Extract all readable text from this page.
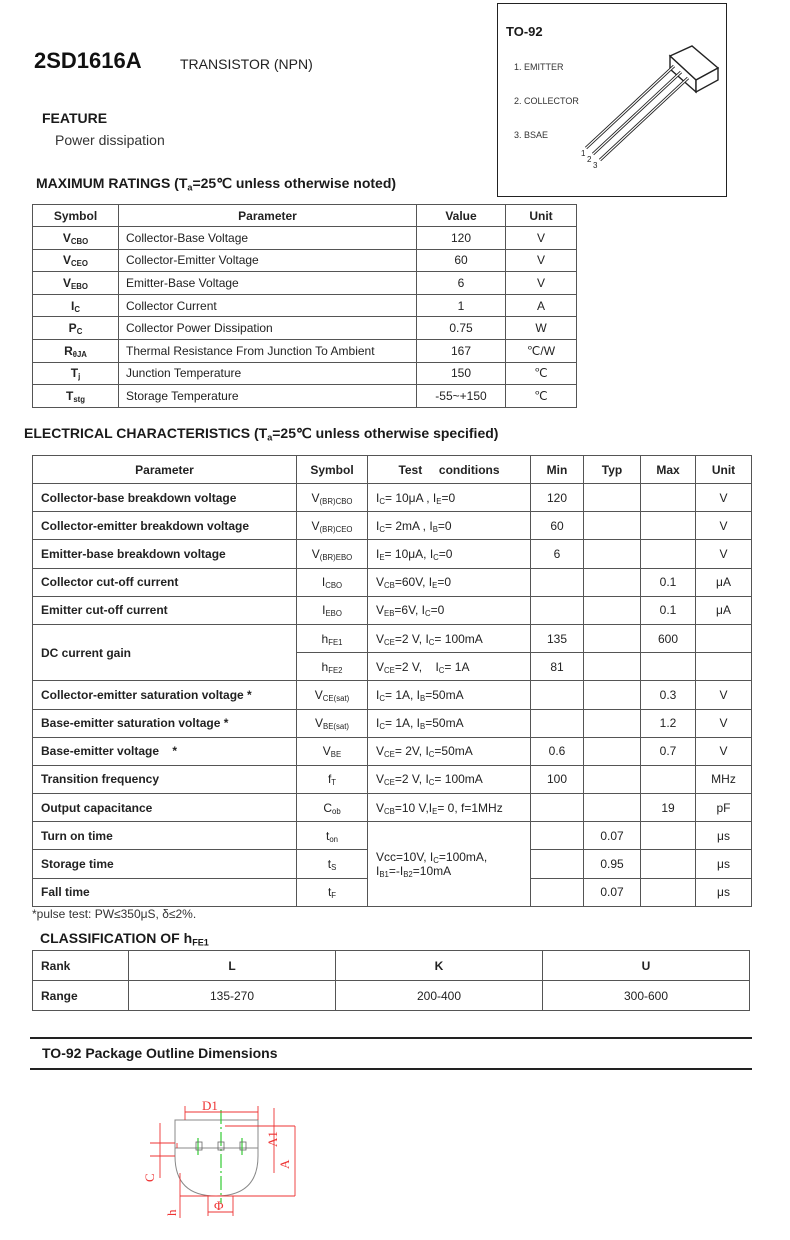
2SD1616A	TRANSISTOR (NPN)
TO-92
1. EMITTER
2. COLLECTOR
3. BSAE
1
2
3
FEATURE
Power dissipation
MAXIMUM RATINGS ($T_a=25℃$ unless otherwise noted)
Symbol	Parameter	Value	Unit
$V_{CBO}$	Collector-Base Voltage	120	V
$V_{CEO}$	Collector-Emitter Voltage	60	V
$V_{EBO}$	Emitter-Base Voltage	6	V
$I_C$	Collector Current	1	A
$P_C$	Collector Power Dissipation	0.75	W
$R_{\theta JA}$	Thermal Resistance From Junction To Ambient	167	℃/W
$T_j$	Junction Temperature	150	℃
$T_{stg}$	Storage Temperature	-55~+150	℃
ELECTRICAL CHARACTERISTICS ($T_a=25℃$ unless otherwise specified)
Parameter	Symbol	Test     conditions	Min	Typ	Max	Unit
Collector-base breakdown voltage	$V_{(BR)CBO}$	$I_C= 10\mu A$ , $I_E=0$	120			V
Collector-emitter breakdown voltage	$V_{(BR)CEO}$	$I_C= 2mA$ , $I_B=0$	60			V
Emitter-base breakdown voltage	$V_{(BR)EBO}$	$I_E= 10\mu A$, $I_C=0$	6			V
Collector cut-off current	$I_{CBO}$	$V_{CB}=60V$, $I_E=0$			0.1	μA
Emitter cut-off current	$I_{EBO}$	$V_{EB}=6V$, $I_C=0$			0.1	μA
DC current gain	$h_{FE1}$	$V_{CE}=2$ V, $I_C= 100mA$	135		600	
	$h_{FE2}$	$V_{CE}=2$ V,    $I_C= 1A$	81			
Collector-emitter saturation voltage *	$V_{CE(sat)}$	$I_C= 1A$, $I_B=50mA$			0.3	V
Base-emitter saturation voltage *	$V_{BE(sat)}$	$I_C= 1A$, $I_B=50mA$			1.2	V
Base-emitter voltage    *	$V_{BE}$	$V_{CE}= 2V$, $I_C=50mA$	0.6		0.7	V
Transition frequency	$f_T$	$V_{CE}=2$ V, $I_C= 100mA$	100			MHz
Output capacitance	$C_{ob}$	$V_{CB}=10$ $V,I_E= 0$, f=1MHz			19	pF
Turn on time	$t_{on}$	Vcc=10V, $I_C=100mA$,
$I_{B1}=-I_{B2}=10mA$		0.07		μs
Storage time	$t_S$			0.95		μs
Fall time	$t_F$			0.07		μs
*pulse test: PW≤350μS, δ≤2%.
CLASSIFICATION OF $h_{FE1}$
Rank	L	K	U
Range	135-270	200-400	300-600
TO-92 Package Outline Dimensions
D1
A1
A
C
h	Φ
